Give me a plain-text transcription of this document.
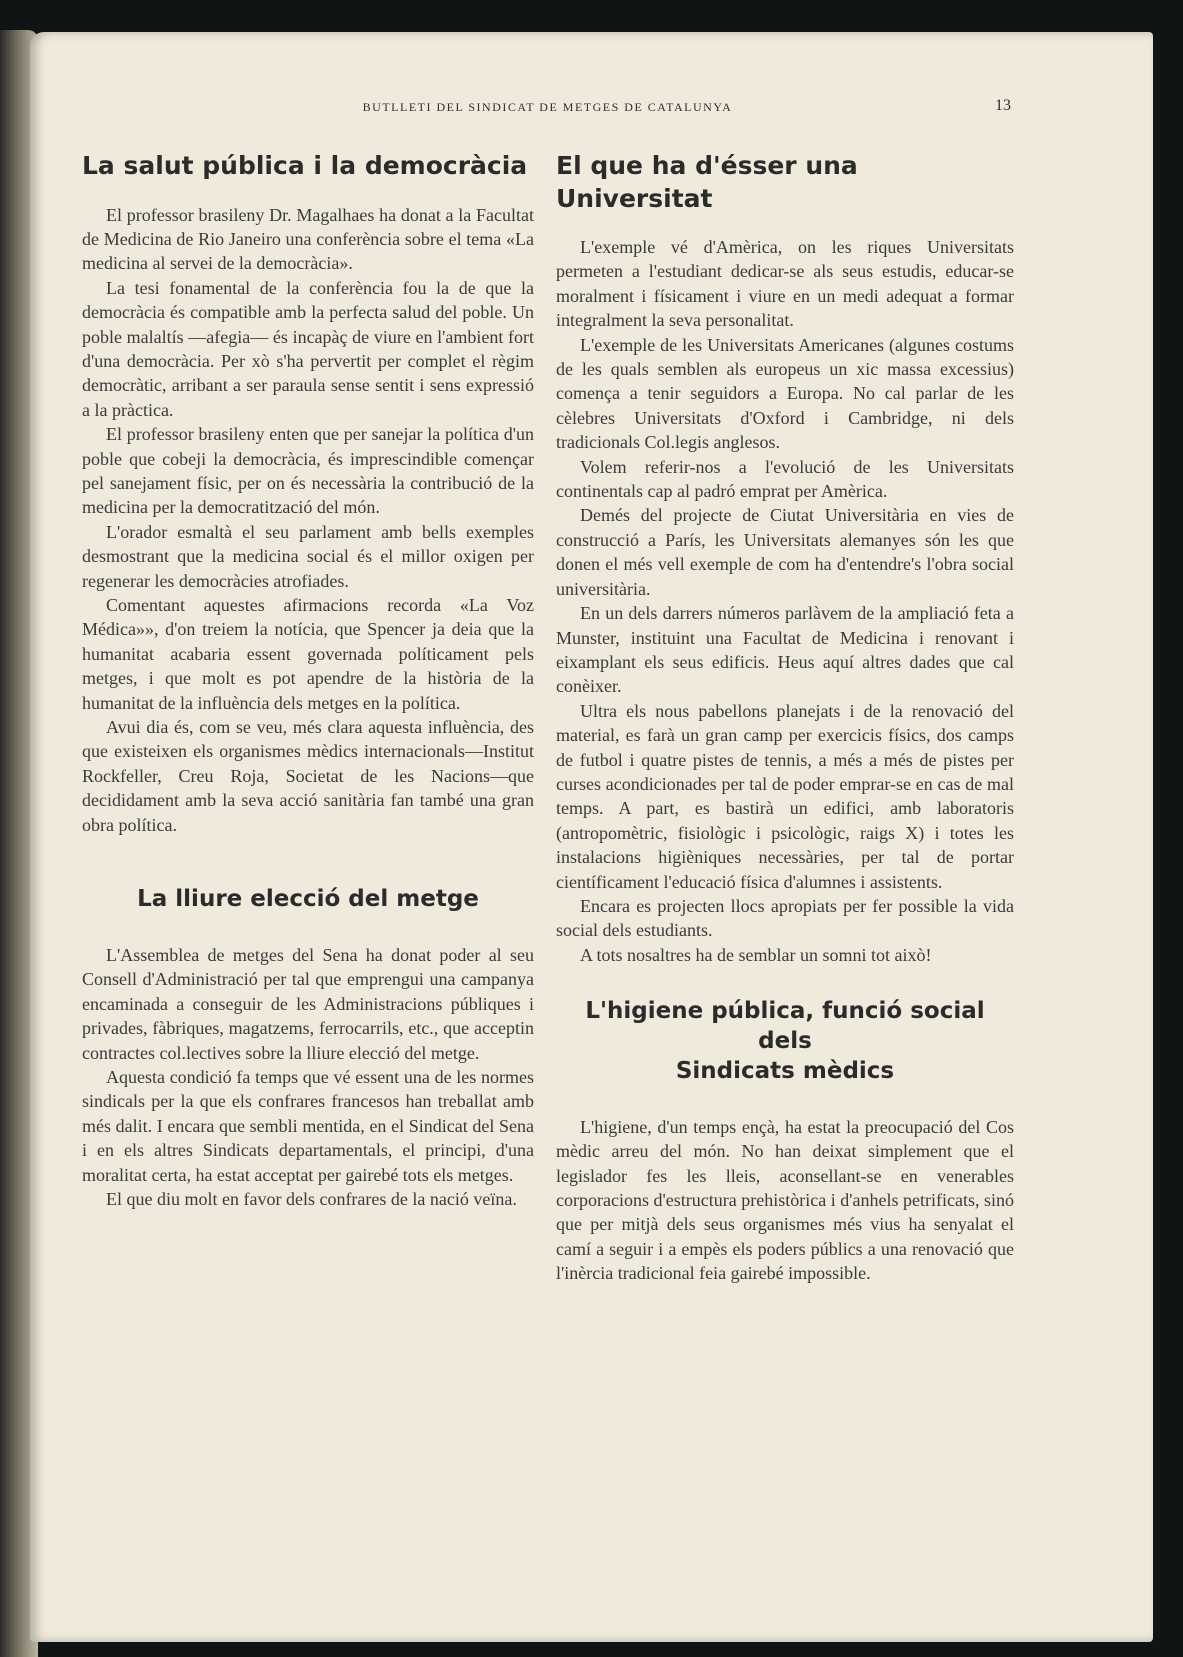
BUTLLETI DEL SINDICAT DE METGES DE CATALUNYA	13
La salut pública i la democràcia

El professor brasileny Dr. Magalhaes ha donat a la Facultat de Medicina de Rio Janeiro una conferència sobre el tema «La medicina al servei de la democràcia».

La tesi fonamental de la conferència fou la de que la democràcia és compatible amb la perfecta salud del poble. Un poble malaltís —afegia— és incapàç de viure en l'ambient fort d'una democràcia. Per xò s'ha pervertit per complet el règim democràtic, arribant a ser paraula sense sentit i sens expressió a la pràctica.

El professor brasileny enten que per sanejar la política d'un poble que cobeji la democràcia, és imprescindible començar pel sanejament físic, per on és necessària la contribució de la medicina per la democratització del món.

L'orador esmaltà el seu parlament amb bells exemples desmostrant que la medicina social és el millor oxigen per regenerar les democràcies atrofiades.

Comentant aquestes afirmacions recorda «La Voz Médica»», d'on treiem la notícia, que Spencer ja deia que la humanitat acabaria essent governada políticament pels metges, i que molt es pot apendre de la història de la humanitat de la influència dels metges en la política.

Avui dia és, com se veu, més clara aquesta influència, des que existeixen els organismes mèdics internacionals—Institut Rockfeller, Creu Roja, Societat de les Nacions—que decididament amb la seva acció sanitària fan també una gran obra política.

La lliure elecció del metge

L'Assemblea de metges del Sena ha donat poder al seu Consell d'Administració per tal que emprengui una campanya encaminada a conseguir de les Administracions públiques i privades, fàbriques, magatzems, ferrocarrils, etc., que acceptin contractes col.lectives sobre la lliure elecció del metge.

Aquesta condició fa temps que vé essent una de les normes sindicals per la que els confrares francesos han treballat amb més dalit. I encara que sembli mentida, en el Sindicat del Sena i en els altres Sindicats departamentals, el principi, d'una moralitat certa, ha estat acceptat per gairebé tots els metges.

El que diu molt en favor dels confrares de la nació veïna.

El que ha d'ésser una Universitat

L'exemple vé d'Amèrica, on les riques Universitats permeten a l'estudiant dedicar-se als seus estudis, educar-se moralment i físicament i viure en un medi adequat a formar integralment la seva personalitat.

L'exemple de les Universitats Americanes (algunes costums de les quals semblen als europeus un xic massa excessius) comença a tenir seguidors a Europa. No cal parlar de les cèlebres Universitats d'Oxford i Cambridge, ni dels tradicionals Col.legis anglesos.

Volem referir-nos a l'evolució de les Universitats continentals cap al padró emprat per Amèrica.

Demés del projecte de Ciutat Universitària en vies de construcció a París, les Universitats alemanyes són les que donen el més vell exemple de com ha d'entendre's l'obra social universitària.

En un dels darrers números parlàvem de la ampliació feta a Munster, instituint una Facultat de Medicina i renovant i eixamplant els seus edificis. Heus aquí altres dades que cal conèixer.

Ultra els nous pabellons planejats i de la renovació del material, es farà un gran camp per exercicis físics, dos camps de futbol i quatre pistes de tennis, a més a més de pistes per curses acondicionades per tal de poder emprar-se en cas de mal temps. A part, es bastirà un edifici, amb laboratoris (antropomètric, fisiològic i psicològic, raigs X) i totes les instalacions higièniques necessàries, per tal de portar científicament l'educació física d'alumnes i assistents.

Encara es projecten llocs apropiats per fer possible la vida social dels estudiants.

A tots nosaltres ha de semblar un somni tot això!

L'higiene pública, funció social dels
Sindicats mèdics

L'higiene, d'un temps ençà, ha estat la preocupació del Cos mèdic arreu del món. No han deixat simplement que el legislador fes les lleis, aconsellant-se en venerables corporacions d'estructura prehistòrica i d'anhels petrificats, sinó que per mitjà dels seus organismes més vius ha senyalat el camí a seguir i a empès els poders públics a una renovació que l'inèrcia tradicional feia gairebé impossible.
